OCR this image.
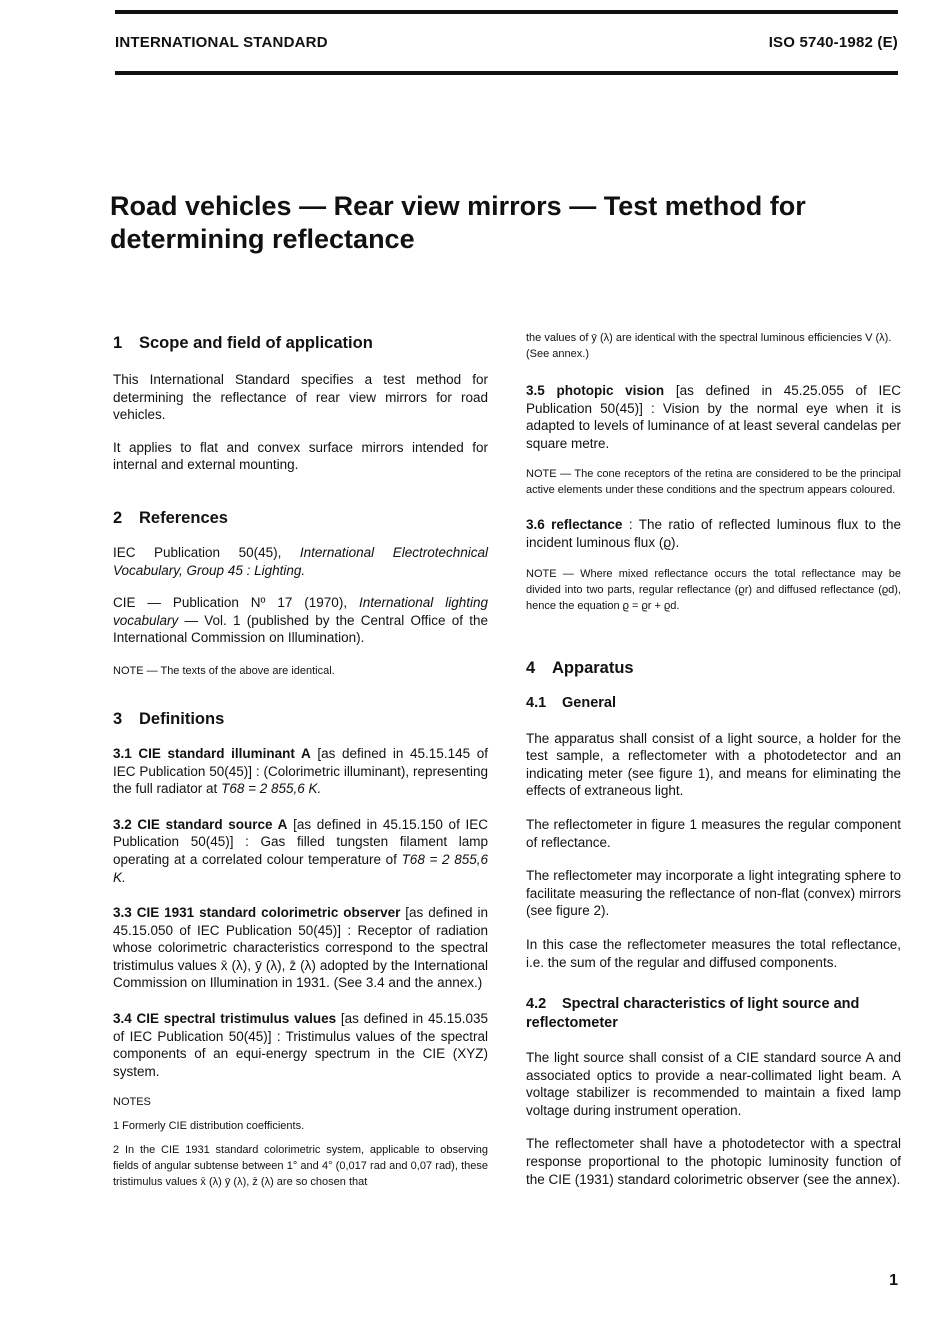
INTERNATIONAL STANDARD	ISO 5740-1982 (E)
Road vehicles — Rear view mirrors — Test method for determining reflectance
1 Scope and field of application

This International Standard specifies a test method for determining the reflectance of rear view mirrors for road vehicles.

It applies to flat and convex surface mirrors intended for internal and external mounting.

2 References

IEC Publication 50(45), International Electrotechnical Vocabulary, Group 45 : Lighting.

CIE — Publication Nº 17 (1970), International lighting vocabulary — Vol. 1 (published by the Central Office of the International Commission on Illumination).

NOTE — The texts of the above are identical.

3 Definitions

3.1 CIE standard illuminant A [as defined in 45.15.145 of IEC Publication 50(45)] : (Colorimetric illuminant), representing the full radiator at T68 = 2 855,6 K.

3.2 CIE standard source A [as defined in 45.15.150 of IEC Publication 50(45)] : Gas filled tungsten filament lamp operating at a correlated colour temperature of T68 = 2 855,6 K.

3.3 CIE 1931 standard colorimetric observer [as defined in 45.15.050 of IEC Publication 50(45)] : Receptor of radiation whose colorimetric characteristics correspond to the spectral tristimulus values x̄ (λ), ȳ (λ), z̄ (λ) adopted by the International Commission on Illumination in 1931. (See 3.4 and the annex.)

3.4 CIE spectral tristimulus values [as defined in 45.15.035 of IEC Publication 50(45)] : Tristimulus values of the spectral components of an equi-energy spectrum in the CIE (XYZ) system.

NOTES

1 Formerly CIE distribution coefficients.

2 In the CIE 1931 standard colorimetric system, applicable to observing fields of angular subtense between 1° and 4° (0,017 rad and 0,07 rad), these tristimulus values x̄ (λ) ȳ (λ), z̄ (λ) are so chosen that

the values of ȳ (λ) are identical with the spectral luminous efficiencies V (λ). (See annex.)

3.5 photopic vision [as defined in 45.25.055 of IEC Publication 50(45)] : Vision by the normal eye when it is adapted to levels of luminance of at least several candelas per square metre.

NOTE — The cone receptors of the retina are considered to be the principal active elements under these conditions and the spectrum appears coloured.

3.6 reflectance : The ratio of reflected luminous flux to the incident luminous flux (ϱ).

NOTE — Where mixed reflectance occurs the total reflectance may be divided into two parts, regular reflectance (ϱr) and diffused reflectance (ϱd), hence the equation ϱ = ϱr + ϱd.

4 Apparatus
4.1 General

The apparatus shall consist of a light source, a holder for the test sample, a reflectometer with a photodetector and an indicating meter (see figure 1), and means for eliminating the effects of extraneous light.

The reflectometer in figure 1 measures the regular component of reflectance.

The reflectometer may incorporate a light integrating sphere to facilitate measuring the reflectance of non-flat (convex) mirrors (see figure 2).

In this case the reflectometer measures the total reflectance, i.e. the sum of the regular and diffused components.

4.2 Spectral characteristics of light source and reflectometer

The light source shall consist of a CIE standard source A and associated optics to provide a near-collimated light beam. A voltage stabilizer is recommended to maintain a fixed lamp voltage during instrument operation.

The reflectometer shall have a photodetector with a spectral response proportional to the photopic luminosity function of the CIE (1931) standard colorimetric observer (see the annex).

1
